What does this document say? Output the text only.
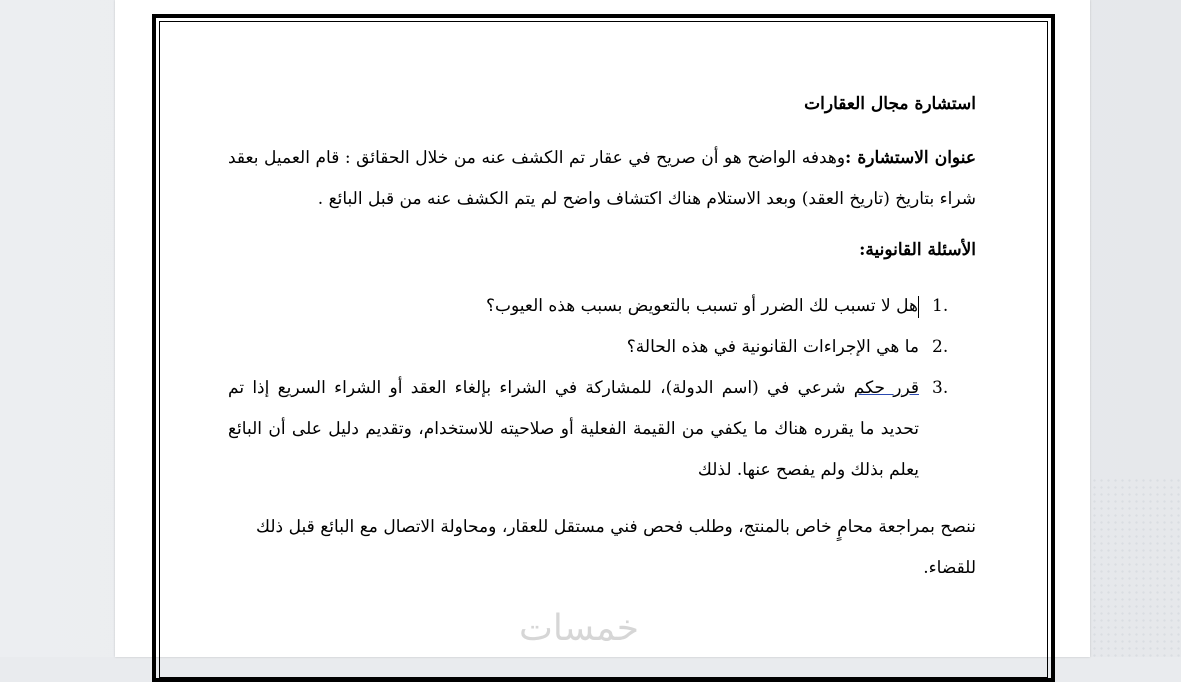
استشارة مجال العقارات

عنوان الاستشارة :وهدفه الواضح هو أن صريح في عقار تم الكشف عنه من خلال الحقائق : قام العميل بعقد شراء بتاريخ (تاريخ العقد) وبعد الاستلام هناك اكتشاف واضح لم يتم الكشف عنه من قبل البائع .

الأسئلة القانونية:
1.
هل لا تسبب لك الضرر أو تسبب بالتعويض بسبب هذه العيوب؟
2.
ما هي الإجراءات القانونية في هذه الحالة؟
3.
قرر حكم شرعي في (اسم الدولة)، للمشاركة في الشراء بإلغاء العقد أو الشراء السريع إذا تم تحديد ما يقرره هناك ما يكفي من القيمة الفعلية أو صلاحيته للاستخدام، وتقديم دليل على أن البائع يعلم بذلك ولم يفصح عنها. لذلك

ننصح بمراجعة محامٍ خاص بالمنتج، وطلب فحص فني مستقل للعقار، ومحاولة الاتصال مع البائع قبل ذلك للقضاء.

خمسات
